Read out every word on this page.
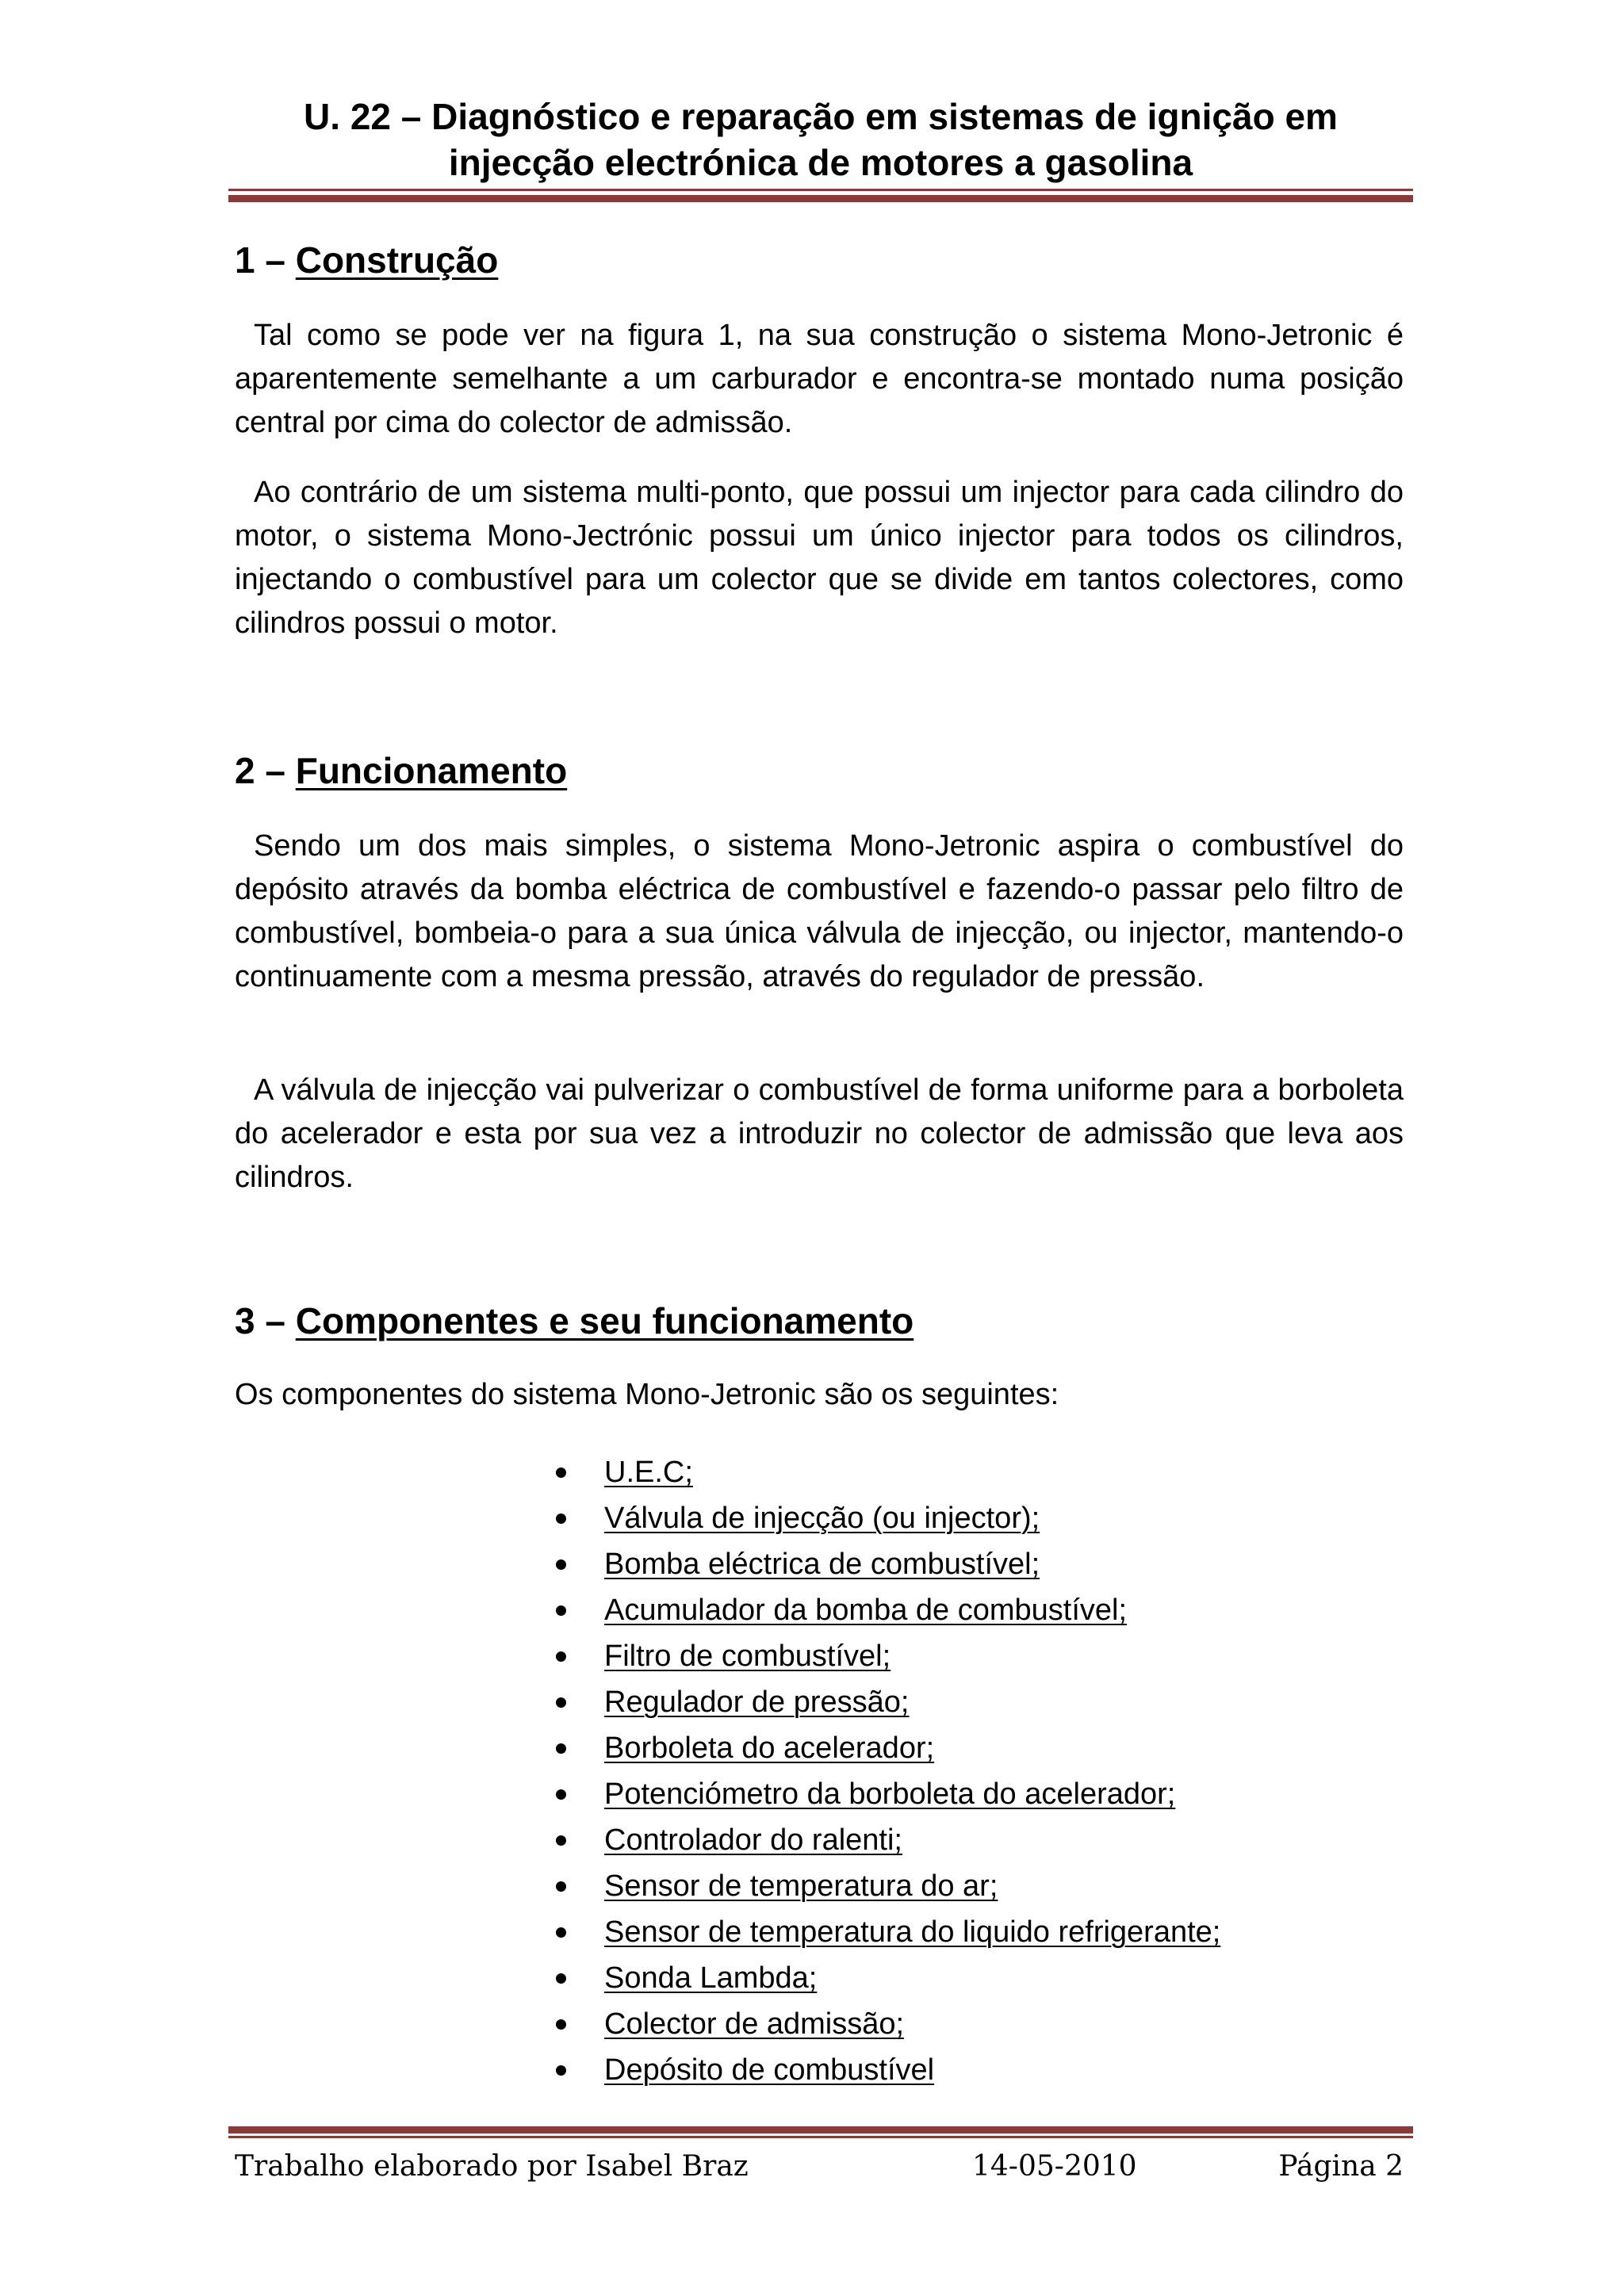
U. 22 – Diagnóstico e reparação em sistemas de ignição em
injecção electrónica de motores a gasolina
1 – Construção

Tal como se pode ver na figura 1, na sua construção o sistema Mono-Jetronic é aparentemente semelhante a um carburador e encontra-se montado numa posição central por cima do colector de admissão.

Ao contrário de um sistema multi-ponto, que possui um injector para cada cilindro do motor, o sistema Mono-Jectrónic possui um único injector para todos os cilindros, injectando o combustível para um colector que se divide em tantos colectores, como cilindros possui o motor.

2 – Funcionamento

Sendo um dos mais simples, o sistema Mono-Jetronic aspira o combustível do depósito através da bomba eléctrica de combustível e fazendo-o passar pelo filtro de combustível, bombeia-o para a sua única válvula de injecção, ou injector, mantendo-o continuamente com a mesma pressão, através do regulador de pressão.

A válvula de injecção vai pulverizar o combustível de forma uniforme para a borboleta do acelerador e esta por sua vez a introduzir no colector de admissão que leva aos cilindros.

3 – Componentes e seu funcionamento

Os componentes do sistema Mono-Jetronic são os seguintes:

U.E.C;
Válvula de injecção (ou injector);
Bomba eléctrica de combustível;
Acumulador da bomba de combustível;
Filtro de combustível;
Regulador de pressão;
Borboleta do acelerador;
Potenciómetro da borboleta do acelerador;
Controlador do ralenti;
Sensor de temperatura do ar;
Sensor de temperatura do liquido refrigerante;
Sonda Lambda;
Colector de admissão;
Depósito de combustível
Trabalho elaborado por Isabel Braz	14-05-2010	Página 2
